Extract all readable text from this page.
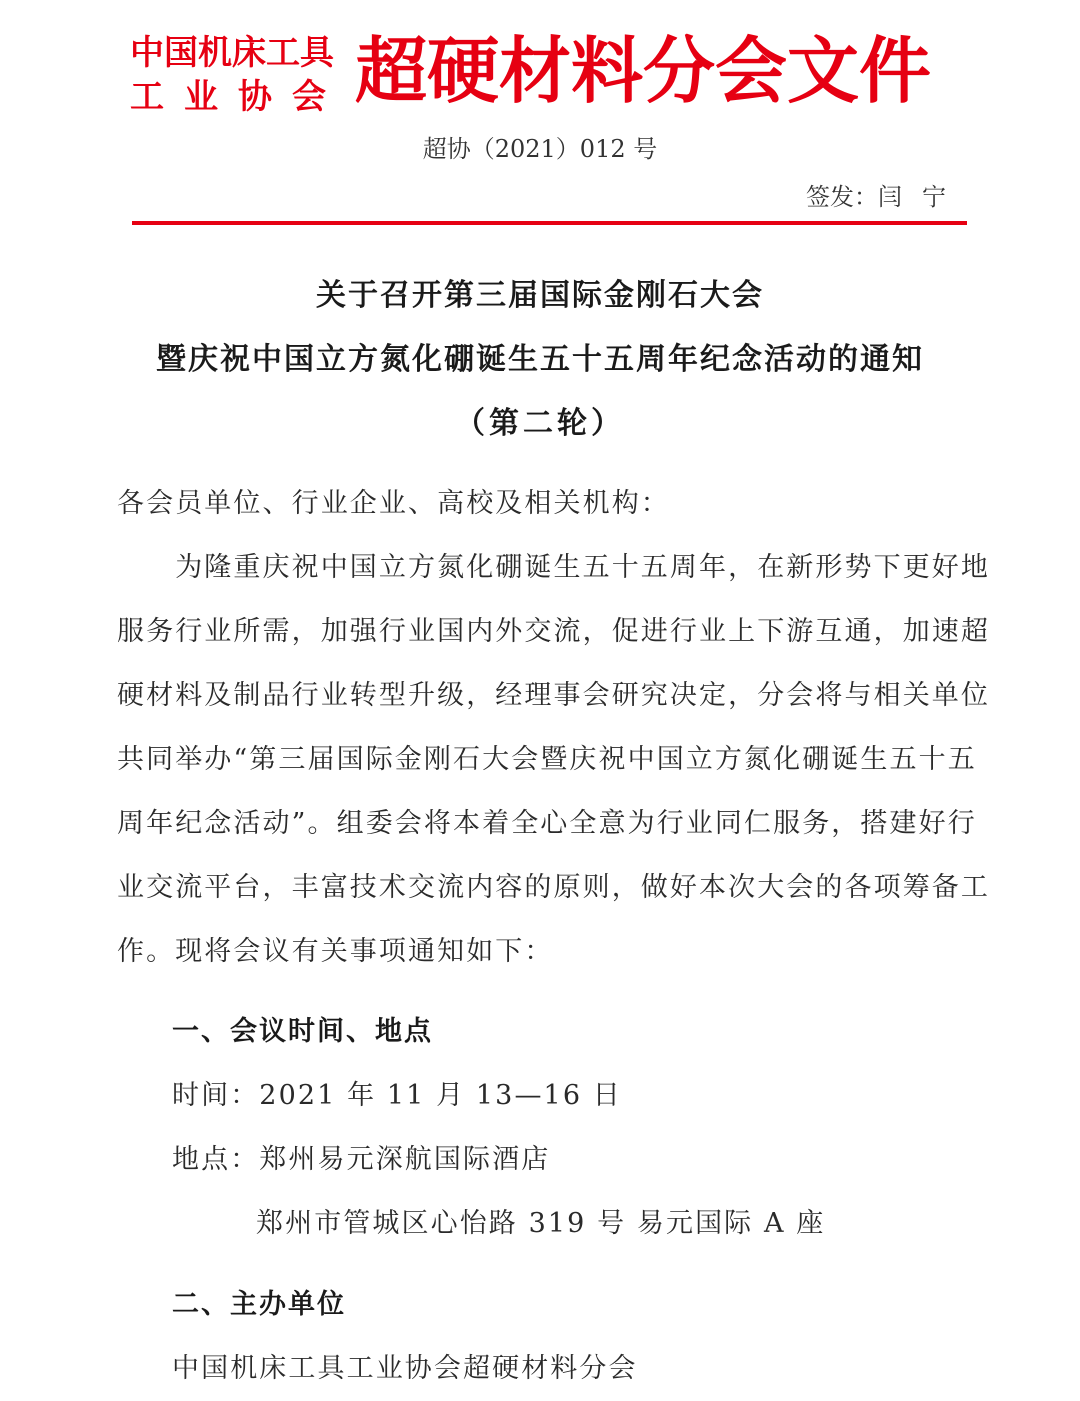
中国机床工具
工 业 协 会 超硬材料分会文件
超协（2021）012 号
签发：闫宁
关于召开第三届国际金刚石大会
暨庆祝中国立方氮化硼诞生五十五周年纪念活动的通知
（第二轮）
各会员单位、行业企业、高校及相关机构：
　　为隆重庆祝中国立方氮化硼诞生五十五周年，在新形势下更好地
服务行业所需，加强行业国内外交流，促进行业上下游互通，加速超
硬材料及制品行业转型升级，经理事会研究决定，分会将与相关单位
共同举办“第三届国际金刚石大会暨庆祝中国立方氮化硼诞生五十五
周年纪念活动”。组委会将本着全心全意为行业同仁服务，搭建好行
业交流平台，丰富技术交流内容的原则，做好本次大会的各项筹备工
作。现将会议有关事项通知如下：
一、会议时间、地点
时间：2021 年 11 月 13—16 日
地点：郑州易元深航国际酒店
郑州市管城区心怡路 319 号 易元国际 A 座
二、主办单位
中国机床工具工业协会超硬材料分会
